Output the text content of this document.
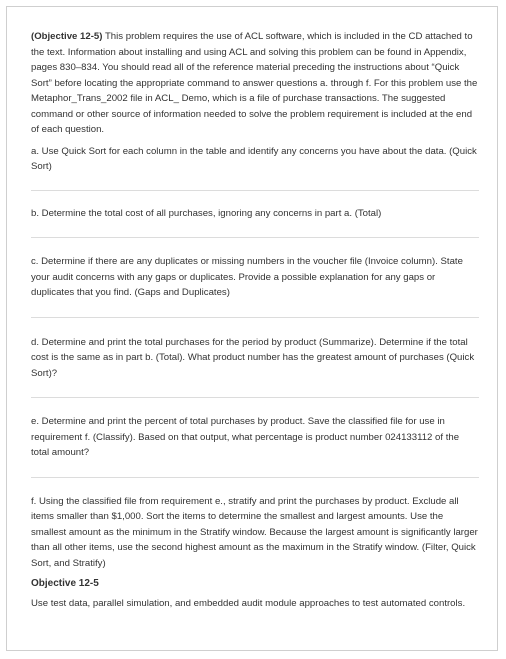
(Objective 12-5) This problem requires the use of ACL software, which is included in the CD attached to the text. Information about installing and using ACL and solving this problem can be found in Appendix, pages 830–834. You should read all of the reference material preceding the instructions about “Quick Sort” before locating the appropriate command to answer questions a. through f. For this problem use the Metaphor_Trans_2002 file in ACL_ Demo, which is a file of purchase transactions. The suggested command or other source of information needed to solve the problem requirement is included at the end of each question.

a. Use Quick Sort for each column in the table and identify any concerns you have about the data. (Quick Sort)

b. Determine the total cost of all purchases, ignoring any concerns in part a. (Total)

c. Determine if there are any duplicates or missing numbers in the voucher file (Invoice column). State your audit concerns with any gaps or duplicates. Provide a possible explanation for any gaps or duplicates that you find. (Gaps and Duplicates)

d. Determine and print the total purchases for the period by product (Summarize). Determine if the total cost is the same as in part b. (Total). What product number has the greatest amount of purchases (Quick Sort)?

e. Determine and print the percent of total purchases by product. Save the classified file for use in requirement f. (Classify). Based on that output, what percentage is product number 024133112 of the total amount?

f. Using the classified file from requirement e., stratify and print the purchases by product. Exclude all items smaller than $1,000. Sort the items to determine the smallest and largest amounts. Use the smallest amount as the minimum in the Stratify window. Because the largest amount is significantly larger than all other items, use the second highest amount as the maximum in the Stratify window. (Filter, Quick Sort, and Stratify)

Objective 12-5

Use test data, parallel simulation, and embedded audit module approaches to test automated controls.
